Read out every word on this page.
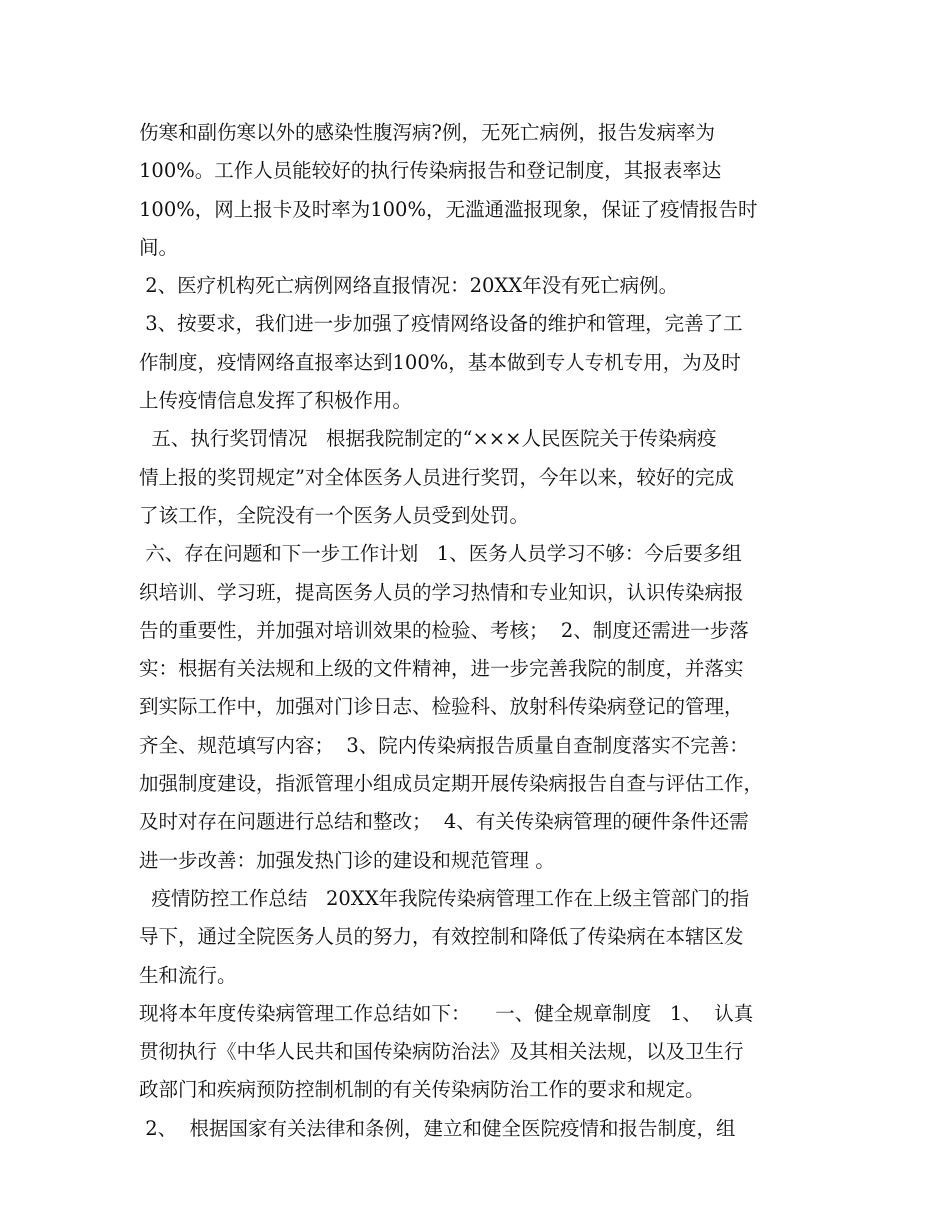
伤寒和副伤寒以外的感染性腹泻病?例，无死亡病例，报告发病率为
100%。工作人员能较好的执行传染病报告和登记制度，其报表率达
100%，网上报卡及时率为100%，无滥通滥报现象，保证了疫情报告时
间。
2、医疗机构死亡病例网络直报情况：20XX年没有死亡病例。
3、按要求，我们进一步加强了疫情网络设备的维护和管理，完善了工
作制度，疫情网络直报率达到100%，基本做到专人专机专用，为及时
上传疫情信息发挥了积极作用。
五、执行奖罚情况   根据我院制定的“×××人民医院关于传染病疫
情上报的奖罚规定”对全体医务人员进行奖罚，今年以来，较好的完成
了该工作，全院没有一个医务人员受到处罚。
六、存在问题和下一步工作计划   1、医务人员学习不够：今后要多组
织培训、学习班，提高医务人员的学习热情和专业知识，认识传染病报
告的重要性，并加强对培训效果的检验、考核；  2、制度还需进一步落
实：根据有关法规和上级的文件精神，进一步完善我院的制度，并落实
到实际工作中，加强对门诊日志、检验科、放射科传染病登记的管理，
齐全、规范填写内容；  3、院内传染病报告质量自查制度落实不完善：
加强制度建设，指派管理小组成员定期开展传染病报告自查与评估工作，
及时对存在问题进行总结和整改；  4、有关传染病管理的硬件条件还需
进一步改善：加强发热门诊的建设和规范管理 。
疫情防控工作总结   20XX年我院传染病管理工作在上级主管部门的指
导下，通过全院医务人员的努力，有效控制和降低了传染病在本辖区发
生和流行。
现将本年度传染病管理工作总结如下：    一、健全规章制度   1、  认真
贯彻执行《中华人民共和国传染病防治法》及其相关法规，以及卫生行
政部门和疾病预防控制机制的有关传染病防治工作的要求和规定。
2、  根据国家有关法律和条例，建立和健全医院疫情和报告制度，组
